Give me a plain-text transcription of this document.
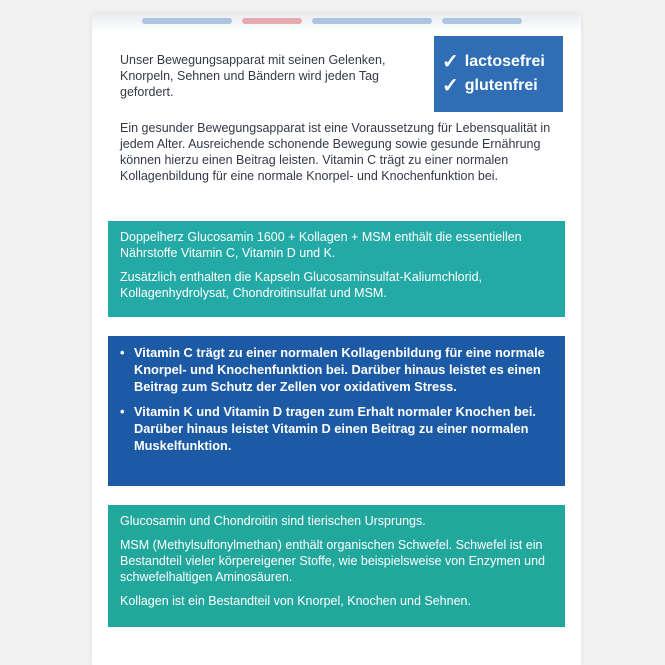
Unser Bewegungsapparat mit seinen Gelenken, Knorpeln, Sehnen und Bändern wird jeden Tag gefordert.

Ein gesunder Bewegungsapparat ist eine Voraussetzung für Lebensqualität in jedem Alter. Ausreichende schonende Bewegung sowie gesunde Ernährung können hierzu einen Beitrag leisten. Vitamin C trägt zu einer normalen Kollagenbildung für eine normale Knorpel- und Knochenfunktion bei.

✓ lactosefrei
✓ glutenfrei

Doppelherz Glucosamin 1600 + Kollagen + MSM enthält die essentiellen Nährstoffe Vitamin C, Vitamin D und K.

Zusätzlich enthalten die Kapseln Glucosaminsulfat-Kaliumchlorid, Kollagenhydrolysat, Chondroitinsulfat und MSM.

• Vitamin C trägt zu einer normalen Kollagenbildung für eine normale Knorpel- und Knochenfunktion bei. Darüber hinaus leistet es einen Beitrag zum Schutz der Zellen vor oxidativem Stress.

• Vitamin K und Vitamin D tragen zum Erhalt normaler Knochen bei. Darüber hinaus leistet Vitamin D einen Beitrag zu einer normalen Muskelfunktion.

Glucosamin und Chondroitin sind tierischen Ursprungs.

MSM (Methylsulfonylmethan) enthält organischen Schwefel. Schwefel ist ein Bestandteil vieler körpereigener Stoffe, wie beispielsweise von Enzymen und schwefelhaltigen Aminosäuren.

Kollagen ist ein Bestandteil von Knorpel, Knochen und Sehnen.
